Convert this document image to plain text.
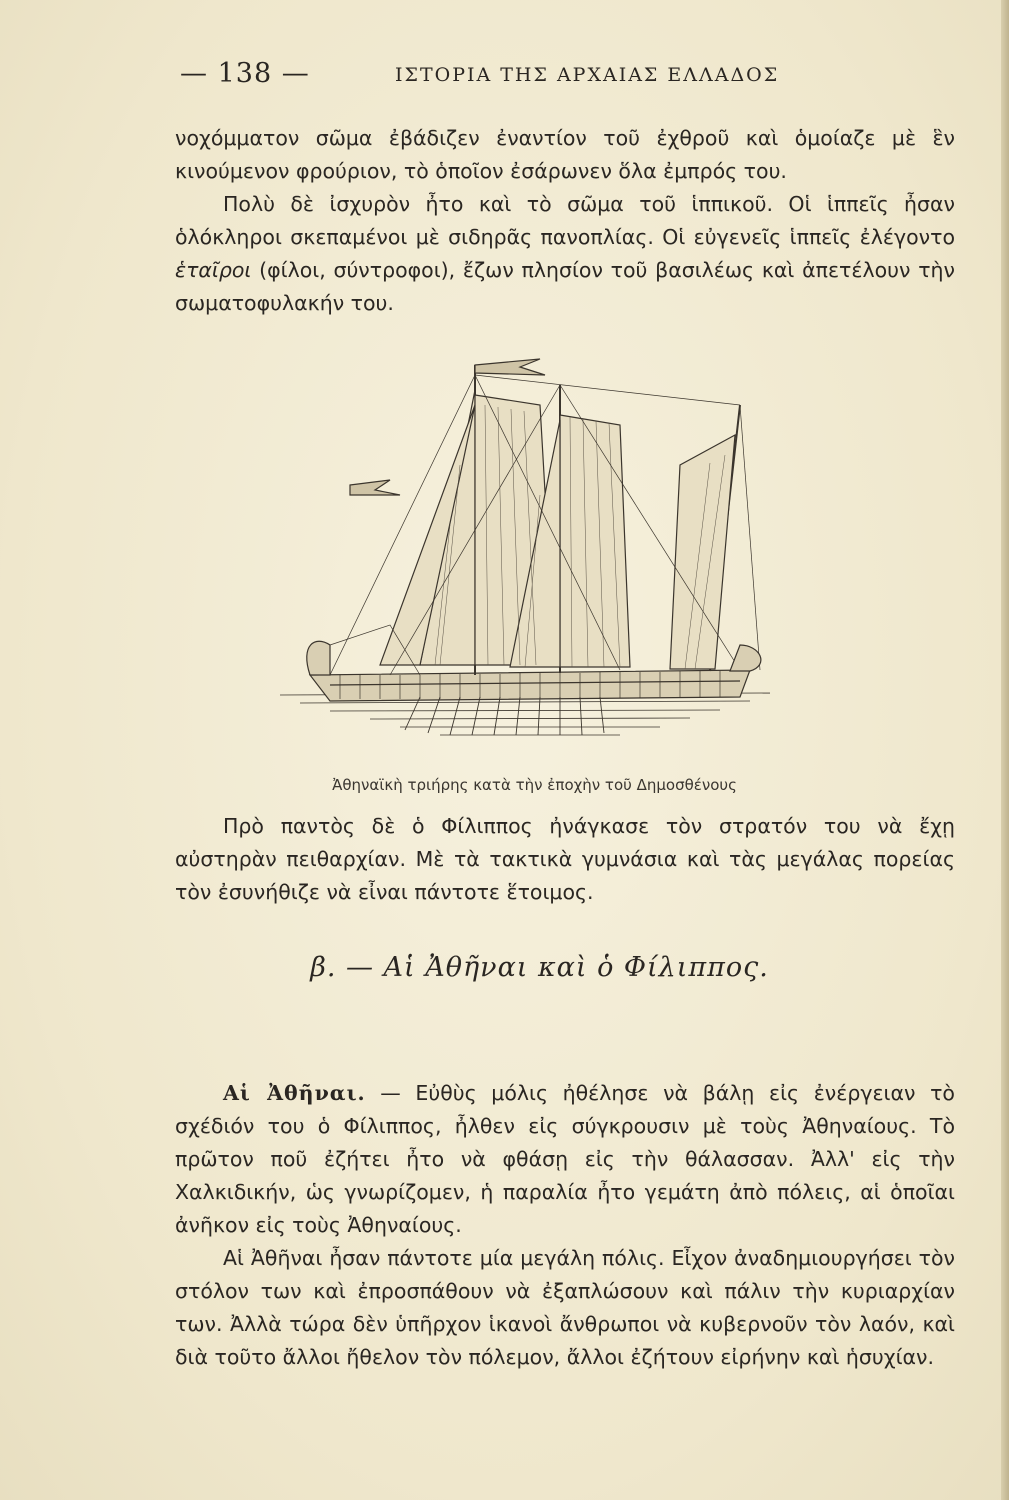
— 138 —	ΙΣΤΟΡΙΑ ΤΗΣ ΑΡΧΑΙΑΣ ΕΛΛΑΔΟΣ

νοχόμματον σῶμα ἐβάδιζεν ἐναντίον τοῦ ἐχθροῦ καὶ ὁμοίαζε μὲ ἓν κινούμενον φρούριον, τὸ ὁποῖον ἐσάρωνεν ὅλα ἐμπρός του.

Πολὺ δὲ ἰσχυρὸν ἦτο καὶ τὸ σῶμα τοῦ ἱππικοῦ. Οἱ ἱππεῖς ἦσαν ὁλόκληροι σκεπαμένοι μὲ σιδηρᾶς πανοπλίας. Οἱ εὐγενεῖς ἱππεῖς ἐλέγοντο ἑταῖροι (φίλοι, σύντροφοι), ἔζων πλησίον τοῦ βασιλέως καὶ ἀπετέλουν τὴν σωματοφυλακήν του.

Ἀθηναϊκὴ τριήρης κατὰ τὴν ἐποχὴν τοῦ Δημοσθένους

Πρὸ παντὸς δὲ ὁ Φίλιππος ἠνάγκασε τὸν στρατόν του νὰ ἔχῃ αὐστηρὰν πειθαρχίαν. Μὲ τὰ τακτικὰ γυμνάσια καὶ τὰς μεγάλας πορείας τὸν ἐσυνήθιζε νὰ εἶναι πάντοτε ἕτοιμος.

β. — Αἱ Ἀθῆναι καὶ ὁ Φίλιππος.

Αἱ Ἀθῆναι. — Εὐθὺς μόλις ἠθέλησε νὰ βάλῃ εἰς ἐνέργειαν τὸ σχέδιόν του ὁ Φίλιππος, ἦλθεν εἰς σύγκρουσιν μὲ τοὺς Ἀθηναίους. Τὸ πρῶτον ποῦ ἐζήτει ἦτο νὰ φθάσῃ εἰς τὴν θάλασσαν. Ἀλλ' εἰς τὴν Χαλκιδικήν, ὡς γνωρίζομεν, ἡ παραλία ἦτο γεμάτη ἀπὸ πόλεις, αἱ ὁποῖαι ἀνῆκον εἰς τοὺς Ἀθηναίους.

Αἱ Ἀθῆναι ἦσαν πάντοτε μία μεγάλη πόλις. Εἶχον ἀναδημιουργήσει τὸν στόλον των καὶ ἐπροσπάθουν νὰ ἐξαπλώσουν καὶ πάλιν τὴν κυριαρχίαν των. Ἀλλὰ τώρα δὲν ὑπῆρχον ἱκανοὶ ἄνθρωποι νὰ κυβερνοῦν τὸν λαόν, καὶ διὰ τοῦτο ἄλλοι ἤθελον τὸν πόλεμον, ἄλλοι ἐζήτουν εἰρήνην καὶ ἡσυχίαν.
